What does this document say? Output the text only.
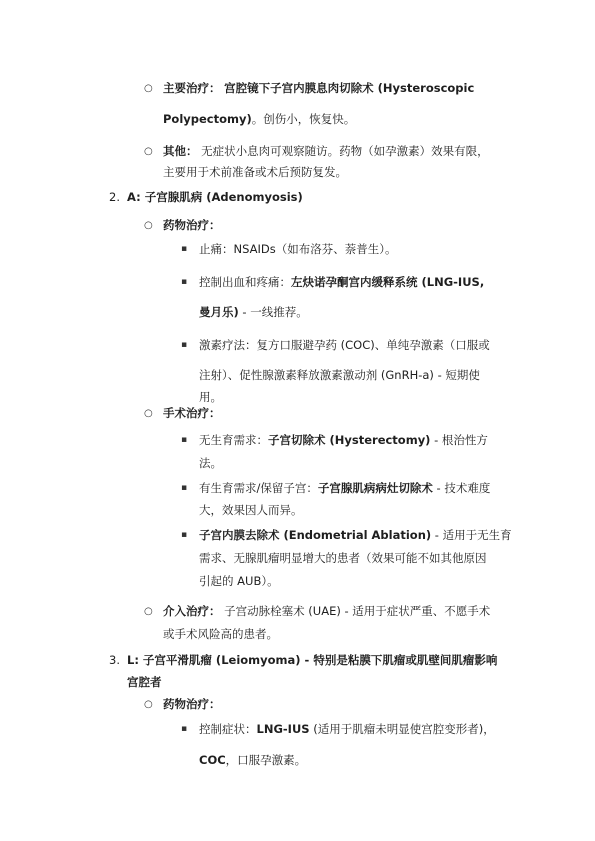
○ 主要治疗： 宫腔镜下子宫内膜息肉切除术 (Hysteroscopic
Polypectomy)。创伤小，恢复快。
○ 其他： 无症状小息肉可观察随访。药物（如孕激素）效果有限，
主要用于术前准备或术后预防复发。
2. A: 子宫腺肌病 (Adenomyosis)
○ 药物治疗：
▪ 止痛：NSAIDs（如布洛芬、萘普生）。
▪ 控制出血和疼痛：左炔诺孕酮宫内缓释系统 (LNG-IUS,
曼月乐) - 一线推荐。
▪ 激素疗法：复方口服避孕药 (COC)、单纯孕激素（口服或
注射）、促性腺激素释放激素激动剂 (GnRH-a) - 短期使
用。
○ 手术治疗：
▪ 无生育需求：子宫切除术 (Hysterectomy) - 根治性方
法。
▪ 有生育需求/保留子宫：子宫腺肌病病灶切除术 - 技术难度
大，效果因人而异。
▪ 子宫内膜去除术 (Endometrial Ablation) - 适用于无生育
需求、无腺肌瘤明显增大的患者（效果可能不如其他原因
引起的 AUB）。
○ 介入治疗： 子宫动脉栓塞术 (UAE) - 适用于症状严重、不愿手术
或手术风险高的患者。
3. L: 子宫平滑肌瘤 (Leiomyoma) - 特别是粘膜下肌瘤或肌壁间肌瘤影响
宫腔者
○ 药物治疗：
▪ 控制症状：LNG-IUS (适用于肌瘤未明显使宫腔变形者)，
COC，口服孕激素。
